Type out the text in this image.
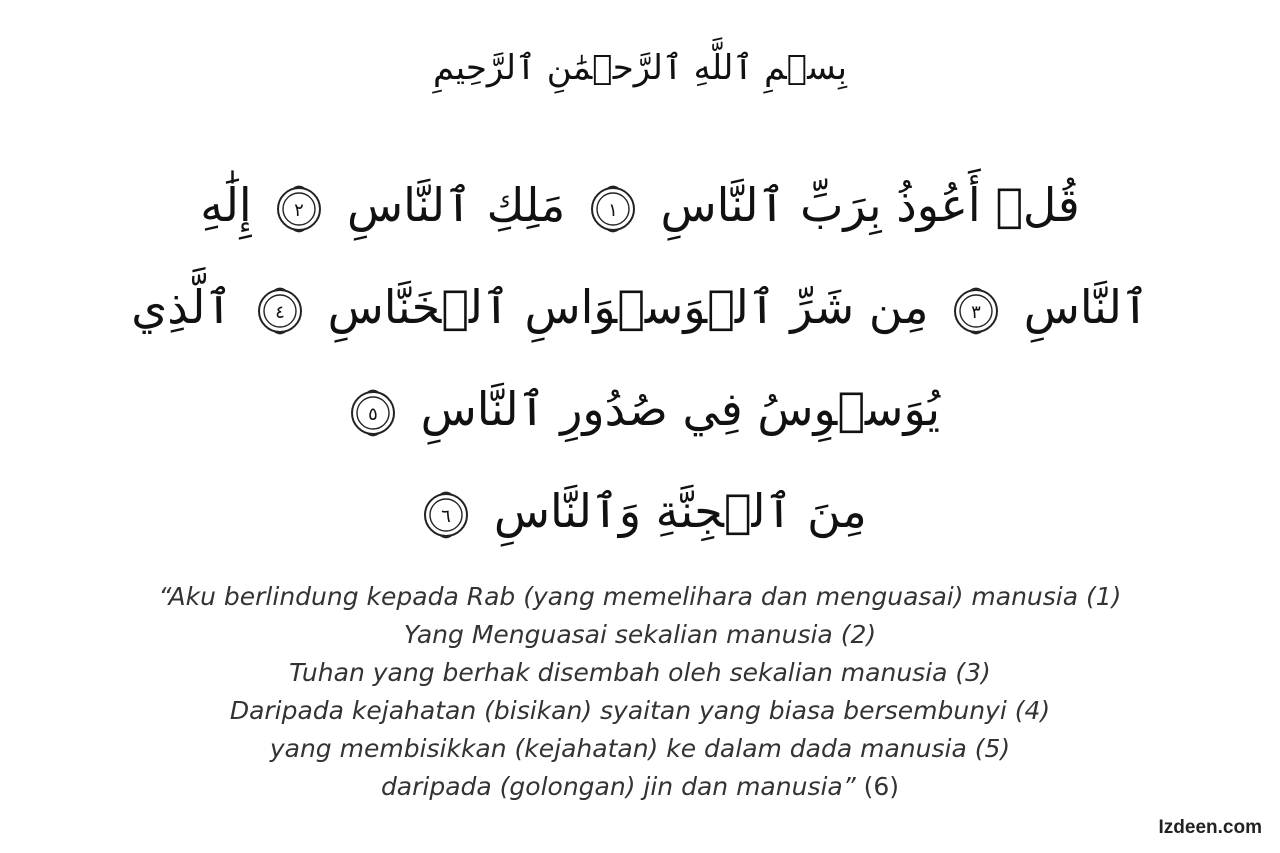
بِسۡمِ ٱللَّهِ ٱلرَّحۡمَٰنِ ٱلرَّحِيمِ
قُلۡ أَعُوذُ بِرَبِّ ٱلنَّاسِ
١
مَلِكِ ٱلنَّاسِ
٢
إِلَٰهِ
ٱلنَّاسِ
٣
مِن شَرِّ ٱلۡوَسۡوَاسِ ٱلۡخَنَّاسِ
٤
ٱلَّذِي
يُوَسۡوِسُ فِي صُدُورِ ٱلنَّاسِ
٥
مِنَ ٱلۡجِنَّةِ وَٱلنَّاسِ
٦
“Aku berlindung kepada Rab (yang memelihara dan menguasai) manusia (1)
Yang Menguasai sekalian manusia (2)
Tuhan yang berhak disembah oleh sekalian manusia (3)
Daripada kejahatan (bisikan) syaitan yang biasa bersembunyi (4)
yang membisikkan (kejahatan) ke dalam dada manusia (5)
daripada (golongan) jin dan manusia” (6)
Izdeen.com
